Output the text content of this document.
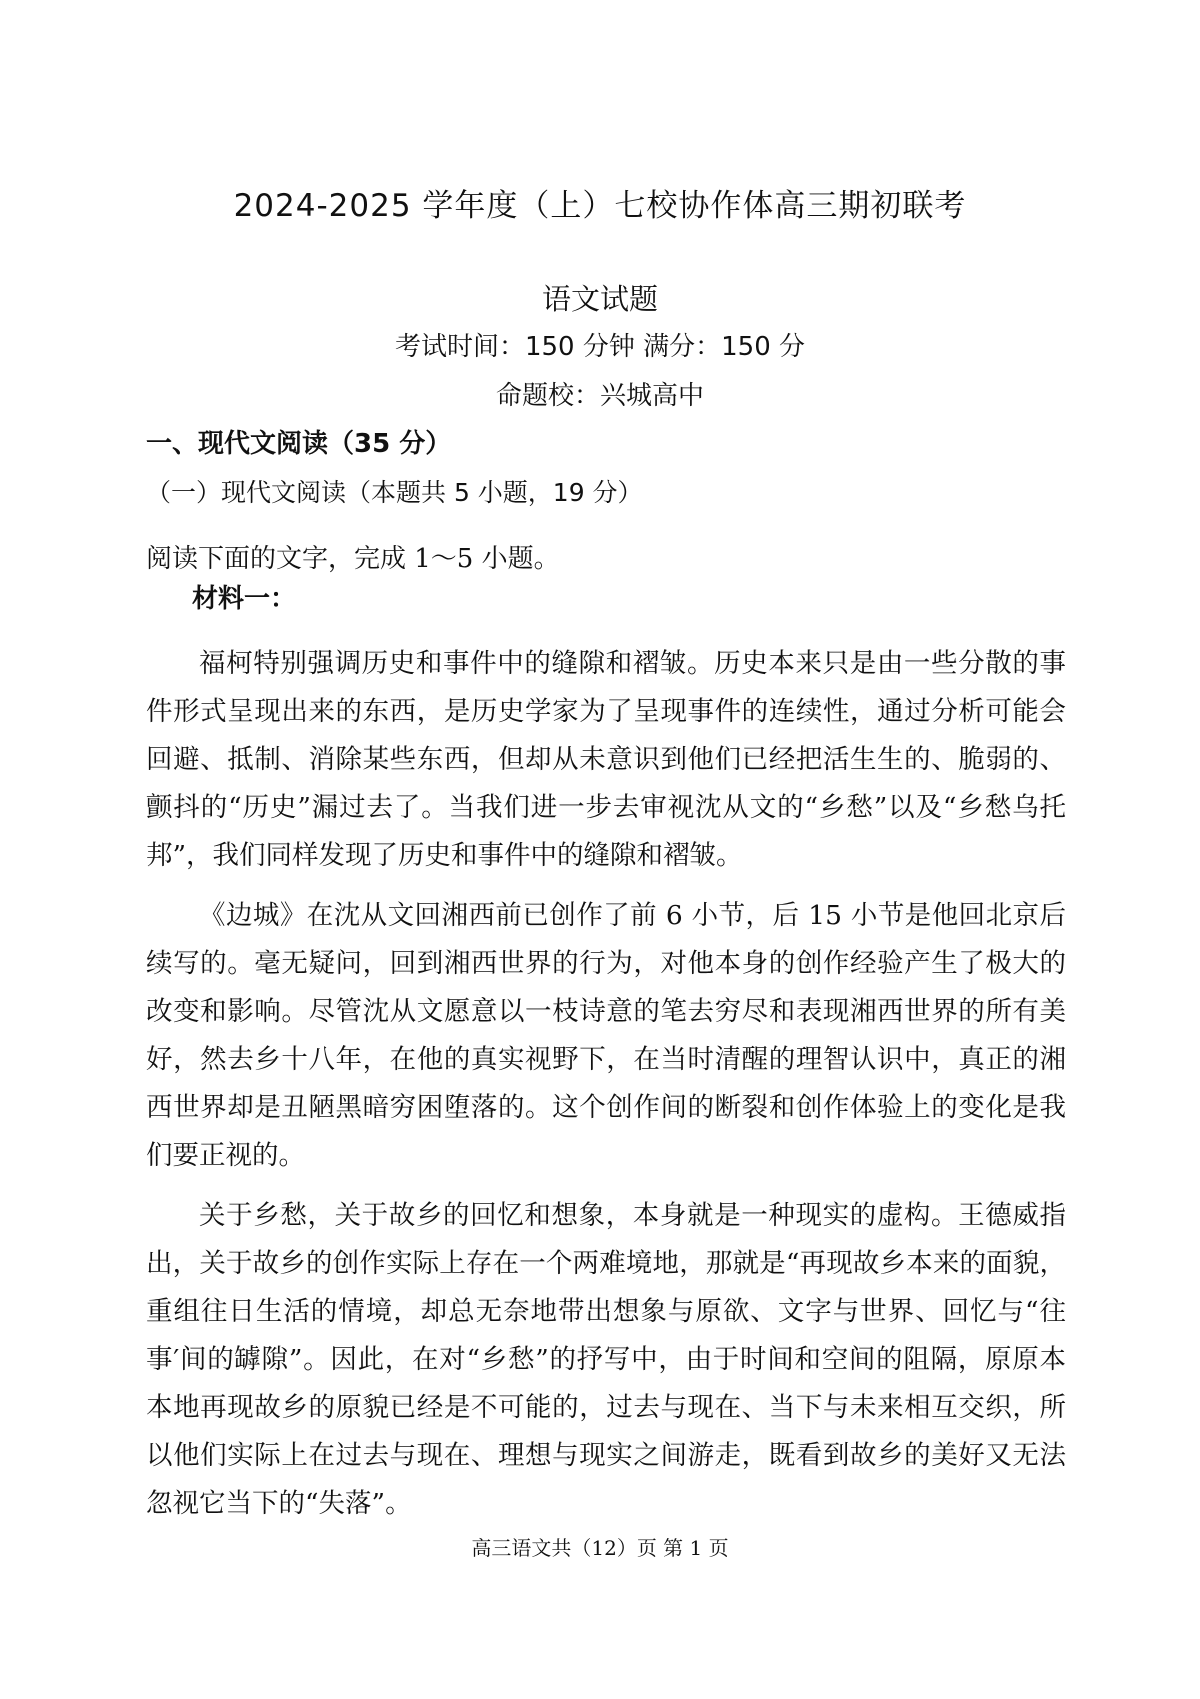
2024-2025 学年度（上）七校协作体高三期初联考
语文试题
考试时间：150 分钟 满分：150 分
命题校：兴城高中
一、现代文阅读（35 分）
（一）现代文阅读（本题共 5 小题，19 分）
阅读下面的文字，完成 1～5 小题。
材料一：

福柯特别强调历史和事件中的缝隙和褶皱。历史本来只是由一些分散的事件形式呈现出来的东西，是历史学家为了呈现事件的连续性，通过分析可能会回避、抵制、消除某些东西，但却从未意识到他们已经把活生生的、脆弱的、颤抖的“历史”漏过去了。当我们进一步去审视沈从文的“乡愁”以及“乡愁乌托邦”，我们同样发现了历史和事件中的缝隙和褶皱。

《边城》在沈从文回湘西前已创作了前 6 小节，后 15 小节是他回北京后续写的。毫无疑问，回到湘西世界的行为，对他本身的创作经验产生了极大的改变和影响。尽管沈从文愿意以一枝诗意的笔去穷尽和表现湘西世界的所有美好，然去乡十八年，在他的真实视野下，在当时清醒的理智认识中，真正的湘西世界却是丑陋黑暗穷困堕落的。这个创作间的断裂和创作体验上的变化是我们要正视的。

关于乡愁，关于故乡的回忆和想象，本身就是一种现实的虚构。王德威指出，关于故乡的创作实际上存在一个两难境地，那就是“再现故乡本来的面貌，重组往日生活的情境，却总无奈地带出想象与原欲、文字与世界、回忆与“往事′间的罅隙”。因此，在对“乡愁”的抒写中，由于时间和空间的阻隔，原原本本地再现故乡的原貌已经是不可能的，过去与现在、当下与未来相互交织，所以他们实际上在过去与现在、理想与现实之间游走，既看到故乡的美好又无法忽视它当下的“失落”。

高三语文共（12）页 第 1 页
